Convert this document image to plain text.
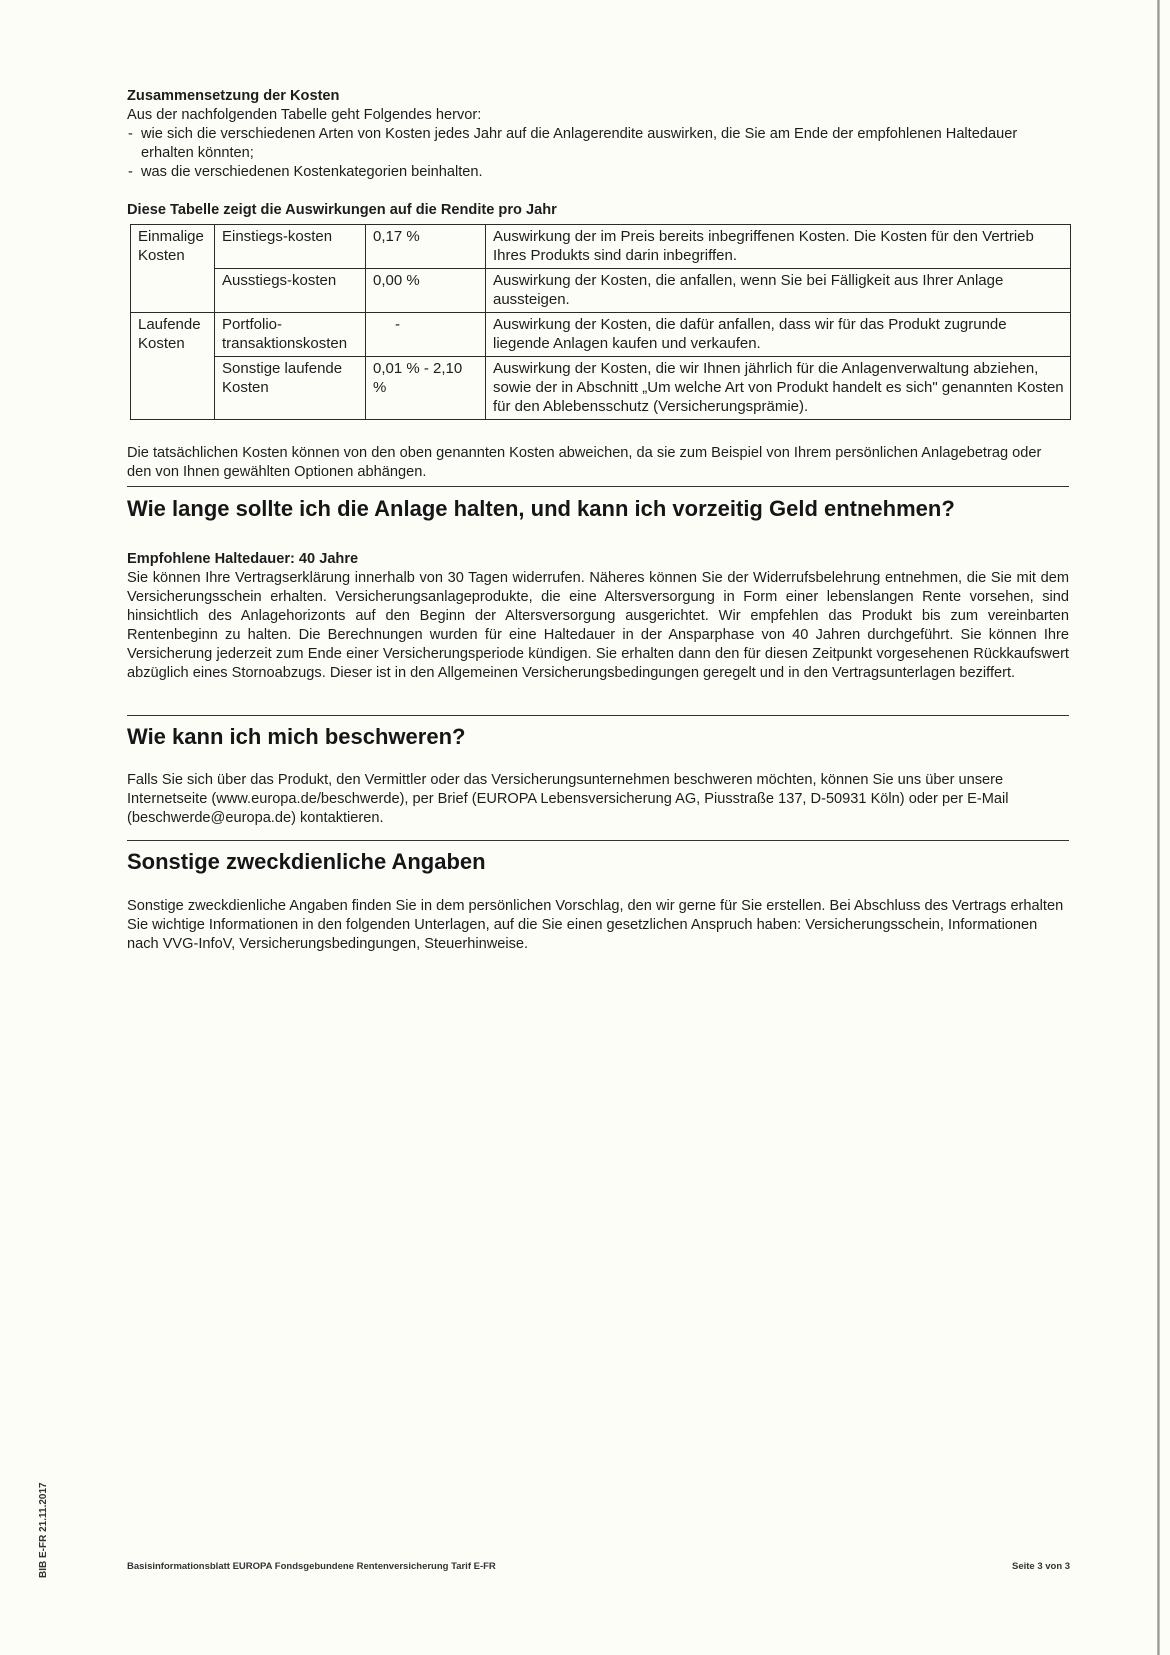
Zusammensetzung der Kosten

Aus der nachfolgenden Tabelle geht Folgendes hervor:

- wie sich die verschiedenen Arten von Kosten jedes Jahr auf die Anlagerendite auswirken, die Sie am Ende der empfohlenen Haltedauer erhalten könnten;
- was die verschiedenen Kostenkategorien beinhalten.
Diese Tabelle zeigt die Auswirkungen auf die Rendite pro Jahr
Einmalige Kosten	Einstiegs-kosten	0,17 %	Auswirkung der im Preis bereits inbegriffenen Kosten. Die Kosten für den Vertrieb Ihres Produkts sind darin inbegriffen.
	Ausstiegs-kosten	0,00 %	Auswirkung der Kosten, die anfallen, wenn Sie bei Fälligkeit aus Ihrer Anlage aussteigen.
Laufende Kosten	Portfolio-transaktionskosten	-	Auswirkung der Kosten, die dafür anfallen, dass wir für das Produkt zugrunde liegende Anlagen kaufen und verkaufen.
	Sonstige laufende Kosten	0,01 % - 2,10 %	Auswirkung der Kosten, die wir Ihnen jährlich für die Anlagenverwaltung abziehen, sowie der in Abschnitt „Um welche Art von Produkt handelt es sich" genannten Kosten für den Ablebensschutz (Versicherungsprämie).

Die tatsächlichen Kosten können von den oben genannten Kosten abweichen, da sie zum Beispiel von Ihrem persönlichen Anlagebetrag oder den von Ihnen gewählten Optionen abhängen.

Wie lange sollte ich die Anlage halten, und kann ich vorzeitig Geld entnehmen?
Empfohlene Haltedauer: 40 Jahre

Sie können Ihre Vertragserklärung innerhalb von 30 Tagen widerrufen. Näheres können Sie der Widerrufsbelehrung entnehmen, die Sie mit dem Versicherungsschein erhalten. Versicherungsanlageprodukte, die eine Altersversorgung in Form einer lebenslangen Rente vorsehen, sind hinsichtlich des Anlagehorizonts auf den Beginn der Altersversorgung ausgerichtet. Wir empfehlen das Produkt bis zum vereinbarten Rentenbeginn zu halten. Die Berechnungen wurden für eine Haltedauer in der Ansparphase von 40 Jahren durchgeführt. Sie können Ihre Versicherung jederzeit zum Ende einer Versicherungsperiode kündigen. Sie erhalten dann den für diesen Zeitpunkt vorgesehenen Rückkaufswert abzüglich eines Stornoabzugs. Dieser ist in den Allgemeinen Versicherungsbedingungen geregelt und in den Vertragsunterlagen beziffert.

Wie kann ich mich beschweren?

Falls Sie sich über das Produkt, den Vermittler oder das Versicherungsunternehmen beschweren möchten, können Sie uns über unsere Internetseite (www.europa.de/beschwerde), per Brief (EUROPA Lebensversicherung AG, Piusstraße 137, D-50931 Köln) oder per E-Mail (beschwerde@europa.de) kontaktieren.

Sonstige zweckdienliche Angaben

Sonstige zweckdienliche Angaben finden Sie in dem persönlichen Vorschlag, den wir gerne für Sie erstellen. Bei Abschluss des Vertrags erhalten Sie wichtige Informationen in den folgenden Unterlagen, auf die Sie einen gesetzlichen Anspruch haben: Versicherungsschein, Informationen nach VVG-InfoV, Versicherungsbedingungen, Steuerhinweise.

BIB E-FR 21.11.2017	Basisinformationsblatt EUROPA Fondsgebundene Rentenversicherung Tarif E-FR	Seite 3 von 3
